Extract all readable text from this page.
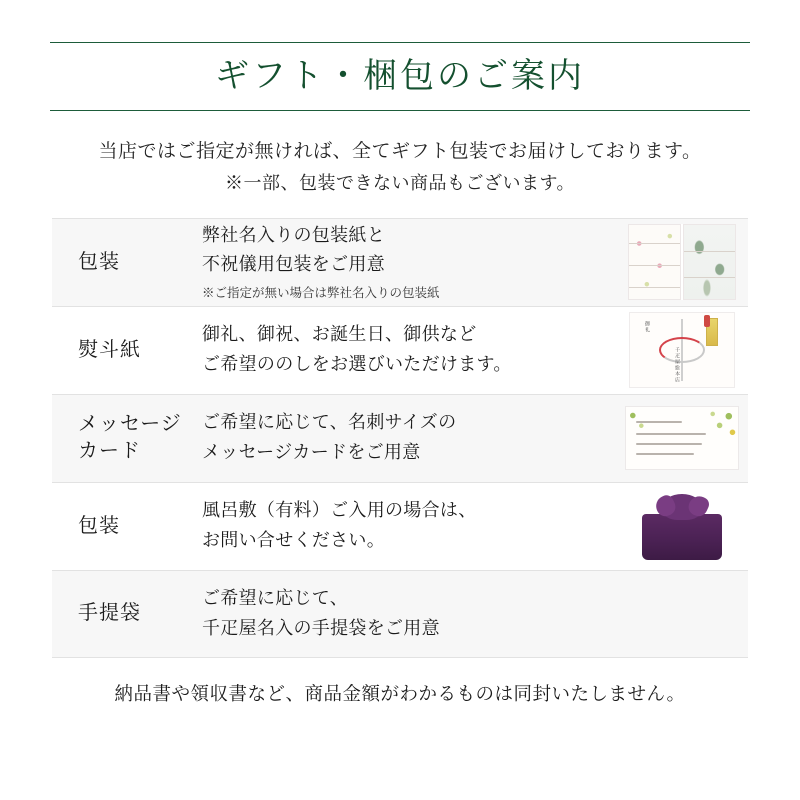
ギフト・梱包のご案内
当店ではご指定が無ければ、全てギフト包装でお届けしております。
※一部、包装できない商品もございます。
包装
弊社名入りの包装紙と
不祝儀用包装をご用意
※ご指定が無い場合は弊社名入りの包装紙
熨斗紙
御礼、御祝、お誕生日、御供など
ご希望ののしをお選びいただけます。
御礼
千疋屋総本店
メッセージ
カード
ご希望に応じて、名刺サイズの
メッセージカードをご用意
包装
風呂敷（有料）ご入用の場合は、
お問い合せください。
手提袋
ご希望に応じて、
千疋屋名入の手提袋をご用意
納品書や領収書など、商品金額がわかるものは同封いたしません。
